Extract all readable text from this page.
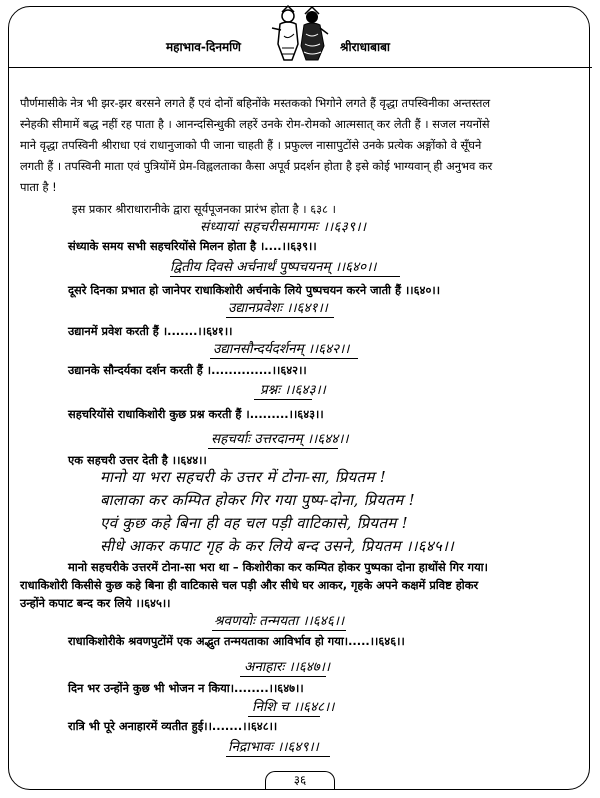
महाभाव-दिनमणि	श्रीराधाबाबा
पौर्णमासीके नेत्र भी झर-झर बरसने लगते हैं एवं दोनों बहिनोंके मस्तकको भिगोने लगते हैं वृद्धा तपस्विनीका अन्तस्तल
स्नेहकी सीमामें बद्ध नहीं रह पाता है । आनन्दसिन्धुकी लहरें उनके रोम-रोमको आत्मसात् कर लेती हैं । सजल नयनोंसे
माने वृद्धा तपस्विनी श्रीराधा एवं राधानुजाको पी जाना चाहती हैं । प्रफुल्ल नासापुटोंसे उनके प्रत्येक अङ्गोंको वे सूँघने
लगती हैं । तपस्विनी माता एवं पुत्रियोंमें प्रेम-विह्वलताका कैसा अपूर्व प्रदर्शन होता है इसे कोई भाग्यवान् ही अनुभव कर
पाता है !
इस प्रकार श्रीराधारानीके द्वारा सूर्यपूजनका प्रारंभ होता है । ६३८ ।
संध्यायां सहचरीसमागमः ।।६३९।।
संध्याके समय सभी सहचरियोंसे मिलन होता है ।....।।६३९।।
द्वितीय दिवसे अर्चनार्थं पुष्पचयनम् ।।६४०।।
दूसरे दिनका प्रभात हो जानेपर राधाकिशोरी अर्चनाके लिये पुष्पचयन करने जाती हैं ।।६४०।।
उद्यानप्रवेशः ।।६४१।।
उद्यानमें प्रवेश करती हैं ।.......।।६४१।।
उद्यानसौन्दर्यदर्शनम् ।।६४२।।
उद्यानके सौन्दर्यका दर्शन करती हैं ।..............।।६४२।।
प्रश्नः ।।६४३।।
सहचरियोंसे राधाकिशोरी कुछ प्रश्न करती हैं ।.........।।६४३।।
सहचर्याः उत्तरदानम् ।।६४४।।
एक सहचरी उत्तर देती है ।।६४४।।
मानो या भरा सहचरी के उत्तर में टोना-सा, प्रियतम !
बालाका कर कम्पित होकर गिर गया पुष्प-दोना, प्रियतम !
एवं कुछ कहे बिना ही वह चल पड़ी वाटिकासे, प्रियतम !
सीधे आकर कपाट गृह के कर लिये बन्द उसने, प्रियतम ।।६४५।।
मानो सहचरीके उत्तरमें टोना-सा भरा था – किशोरीका कर कम्पित होकर पुष्पका दोना हाथोंसे गिर गया।
राधाकिशोरी किसीसे कुछ कहे बिना ही वाटिकासे चल पड़ी और सीधे घर आकर, गृहके अपने कक्षमें प्रविष्ट होकर
उन्होंने कपाट बन्द कर लिये ।।६४५।।
श्रवणयोः तन्मयता ।।६४६।।
राधाकिशोरीके श्रवणपुटोंमें एक अद्भुत तन्मयताका आविर्भाव हो गया।.....।।६४६।।
अनाहारः ।।६४७।।
दिन भर उन्होंने कुछ भी भोजन न किया।........।।६४७।।
निशि च ।।६४८।।
रात्रि भी पूरे अनाहारमें व्यतीत हुई।।.......।।६४८।।
निद्राभावः ।।६४९।।
३६
